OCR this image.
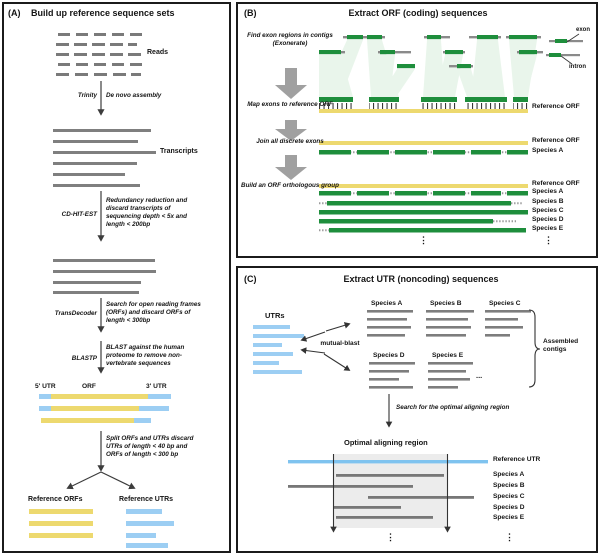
(A) Build up reference sequence sets
Reads
Trinity De novo assembly
Transcripts
CD-HIT-EST
Redundancy reduction and discard transcripts of sequencing depth < 5x and length < 200bp
TransDecoder
Search for open reading frames (ORFs) and discard ORFs of length < 300bp
BLASTP
BLAST against the human proteome to remove non-vertebrate sequences
5' UTR	ORF	3' UTR
Split ORFs and UTRs discard UTRs of length < 40 bp and ORFs of length < 300 bp
Reference ORFs	Reference UTRs
(B)	Extract ORF (coding) sequences
Find exon regions in contigs (Exonerate)
Map exons to reference ORF
Join all discrete exons
Build an ORF orthologous group
exon
intron
Reference ORF
Reference ORF
Species A
Reference ORF
Species A
Species B
Species C
Species D
Species E
⋮	⋮
(C)	Extract UTR (noncoding) sequences
UTRs
mutual-blast
Species A	Species B	Species C
Species D	Species E
...
Assembled contigs
Search for the optimal aligning region
Optimal aligning region
Reference UTR
Species A
Species B
Species C
Species D
Species E
⋮	⋮
